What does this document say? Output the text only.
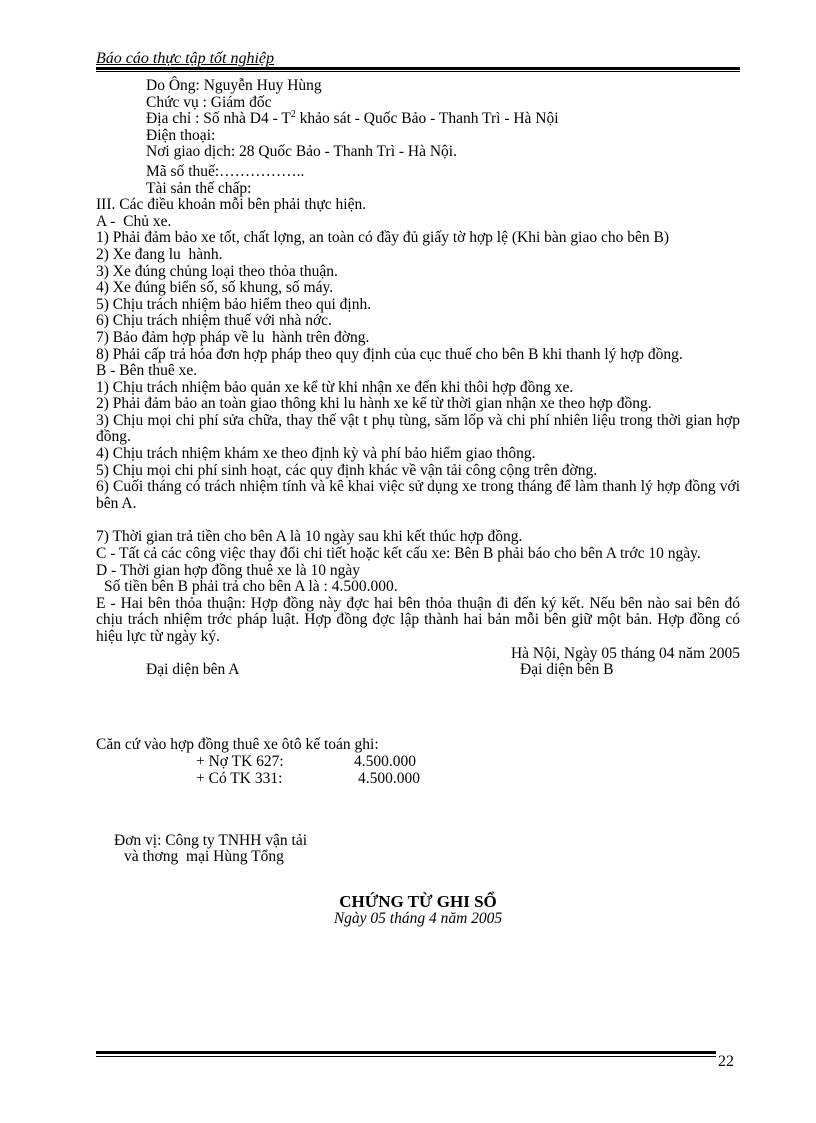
Báo cáo thực tập tốt nghiệp
Do Ông: Nguyễn Huy Hùng
Chức vụ : Giám đốc
Địa chỉ : Số nhà $D4 - T^2$ khảo sát - Quốc Bảo - Thanh Trì - Hà Nội
Điện thoại:
Nơi giao dịch: 28 Quốc Bảo - Thanh Trì - Hà Nội.
Mã số thuế:……………..
Tài sản thế chấp:
III. Các điều khoản mỗi bên phải thực hiện.
A -  Chủ xe.
1) Phải đảm bảo xe tốt, chất lợng, an toàn có đầy đủ giấy tờ hợp lệ (Khi bàn giao cho bên B)
2) Xe đang lu  hành.
3) Xe đúng chủng loại theo thỏa thuận.
4) Xe đúng biển số, số khung, số máy.
5) Chịu trách nhiệm bảo hiểm theo qui định.
6) Chịu trách nhiệm thuế với nhà nớc.
7) Bảo đảm hợp pháp về lu  hành trên đờng.
8) Phải cấp trả hóa đơn hợp pháp theo quy định của cục thuế cho bên B khi thanh lý hợp đồng.
B - Bên thuê xe.
1) Chịu trách nhiệm bảo quản xe kể từ khi nhận xe đến khi thôi hợp đồng xe.
2) Phải đảm bảo an toàn giao thông khi lu hành xe kể từ thời gian nhận xe theo hợp đồng.
3) Chịu mọi chi phí sửa chữa, thay thế vật t phụ tùng, săm lốp và chi phí nhiên liệu trong thời gian hợp đồng.
4) Chịu trách nhiệm khám xe theo định kỳ và phí bảo hiểm giao thông.
5) Chịu mọi chi phí sinh hoạt, các quy định khác về vận tải công cộng trên đờng.
6) Cuối tháng có trách nhiệm tính và kê khai việc sử dụng xe trong tháng để làm thanh lý hợp đồng với bên A.
7) Thời gian trả tiền cho bên A là 10 ngày sau khi kết thúc hợp đồng.
C - Tất cả các công việc thay đổi chi tiết hoặc kết cấu xe: Bên B phải báo cho bên A trớc 10 ngày.
D - Thời gian hợp đồng thuê xe là 10 ngày
Số tiền bên B phải trả cho bên A là : 4.500.000.
E - Hai bên thỏa thuận: Hợp đồng này đợc hai bên thỏa thuận đi đến ký kết. Nếu bên nào sai bên đó chịu trách nhiệm trớc pháp luật. Hợp đồng đợc lập thành hai bản mỗi bên giữ một bản. Hợp đồng có hiệu lực từ ngày ký.
Hà Nội, Ngày 05 tháng 04 năm 2005
Đại diện bên A	Đại diện bên B
Căn cứ vào hợp đồng thuê xe ôtô kế toán ghi:
+ Nợ TK 627:	4.500.000
+ Có TK 331:	4.500.000
Đơn vị: Công ty TNHH vận tải
và thơng  mại Hùng Tổng
CHỨNG TỪ GHI SỔ
Ngày 05 tháng 4 năm 2005
22
